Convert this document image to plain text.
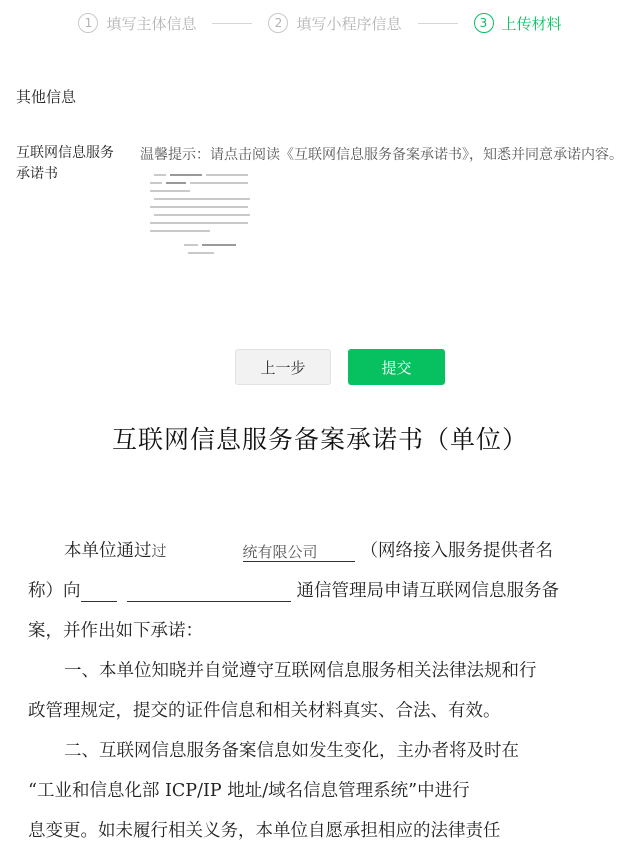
1 填写主体信息	2 填写小程序信息	3 上传材料
其他信息
互联网信息服务
承诺书
温馨提示：请点击阅读《互联网信息服务备案承诺书》，知悉并同意承诺内容。
上一步	提交
互联网信息服务备案承诺书（单位）
本单位通过过	统有限公司 （网络接入服务提供者名
称）向	通信管理局申请互联网信息服务备
案，并作出如下承诺：
一、本单位知晓并自觉遵守互联网信息服务相关法律法规和行
政管理规定，提交的证件信息和相关材料真实、合法、有效。
二、互联网信息服务备案信息如发生变化，主办者将及时在
“工业和信息化部 ICP/IP 地址/域名信息管理系统”中进行
息变更。如未履行相关义务，本单位自愿承担相应的法律责任
